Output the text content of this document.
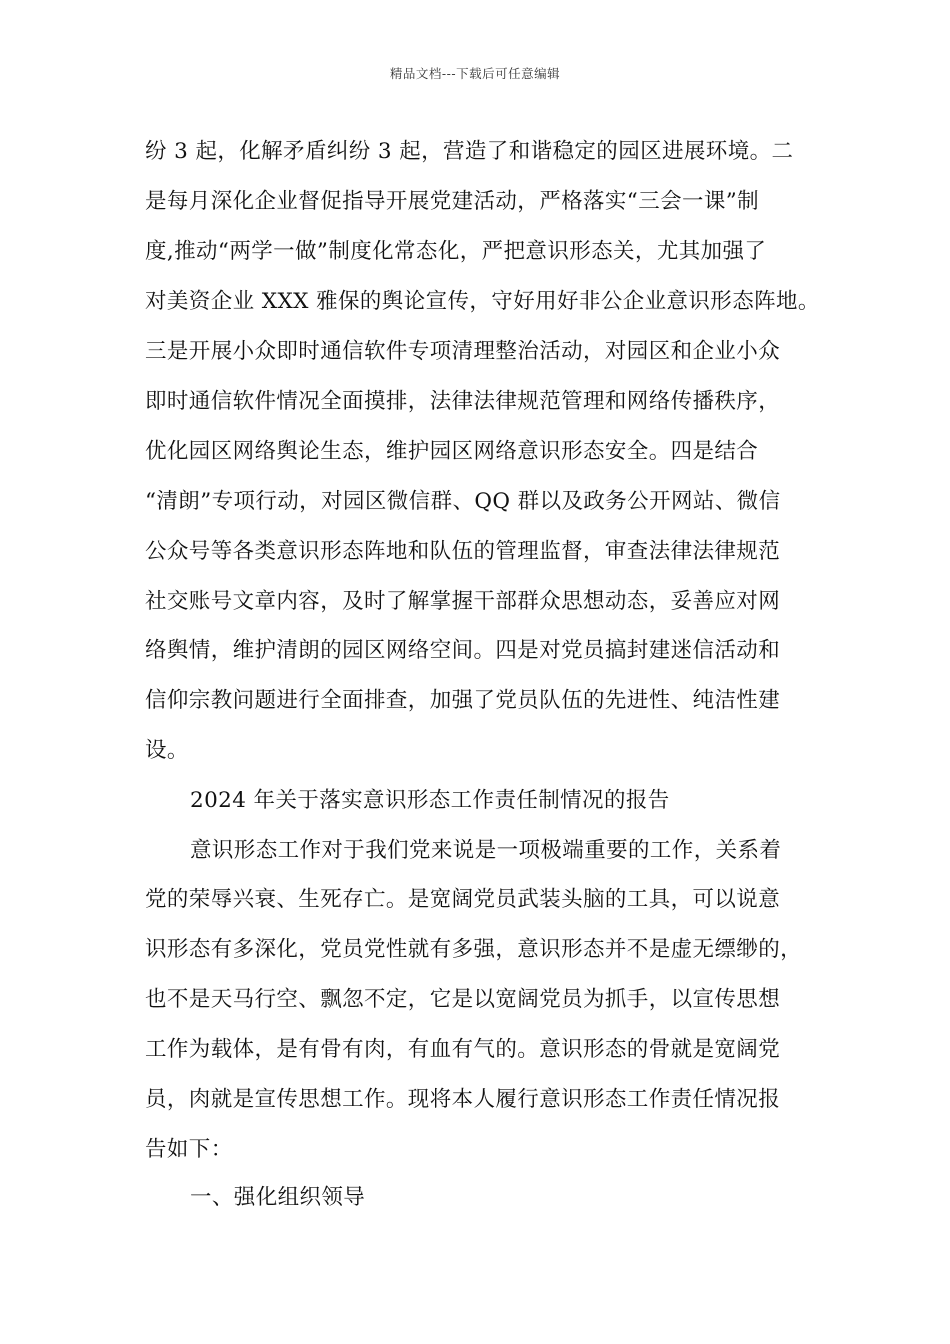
精品文档---下载后可任意编辑
纷 3 起，化解矛盾纠纷 3 起，营造了和谐稳定的园区进展环境。二
是每月深化企业督促指导开展党建活动，严格落实“三会一课”制
度,推动“两学一做”制度化常态化，严把意识形态关，尤其加强了
对美资企业 XXX 雅保的舆论宣传，守好用好非公企业意识形态阵地。
三是开展小众即时通信软件专项清理整治活动，对园区和企业小众
即时通信软件情况全面摸排，法律法律规范管理和网络传播秩序，
优化园区网络舆论生态，维护园区网络意识形态安全。四是结合
“清朗”专项行动，对园区微信群、QQ 群以及政务公开网站、微信
公众号等各类意识形态阵地和队伍的管理监督，审查法律法律规范
社交账号文章内容，及时了解掌握干部群众思想动态，妥善应对网
络舆情，维护清朗的园区网络空间。四是对党员搞封建迷信活动和
信仰宗教问题进行全面排查，加强了党员队伍的先进性、纯洁性建
设。
2024 年关于落实意识形态工作责任制情况的报告
意识形态工作对于我们党来说是一项极端重要的工作，关系着
党的荣辱兴衰、生死存亡。是宽阔党员武装头脑的工具，可以说意
识形态有多深化，党员党性就有多强，意识形态并不是虚无缥缈的，
也不是天马行空、飘忽不定，它是以宽阔党员为抓手，以宣传思想
工作为载体，是有骨有肉，有血有气的。意识形态的骨就是宽阔党
员，肉就是宣传思想工作。现将本人履行意识形态工作责任情况报
告如下：
一、强化组织领导
